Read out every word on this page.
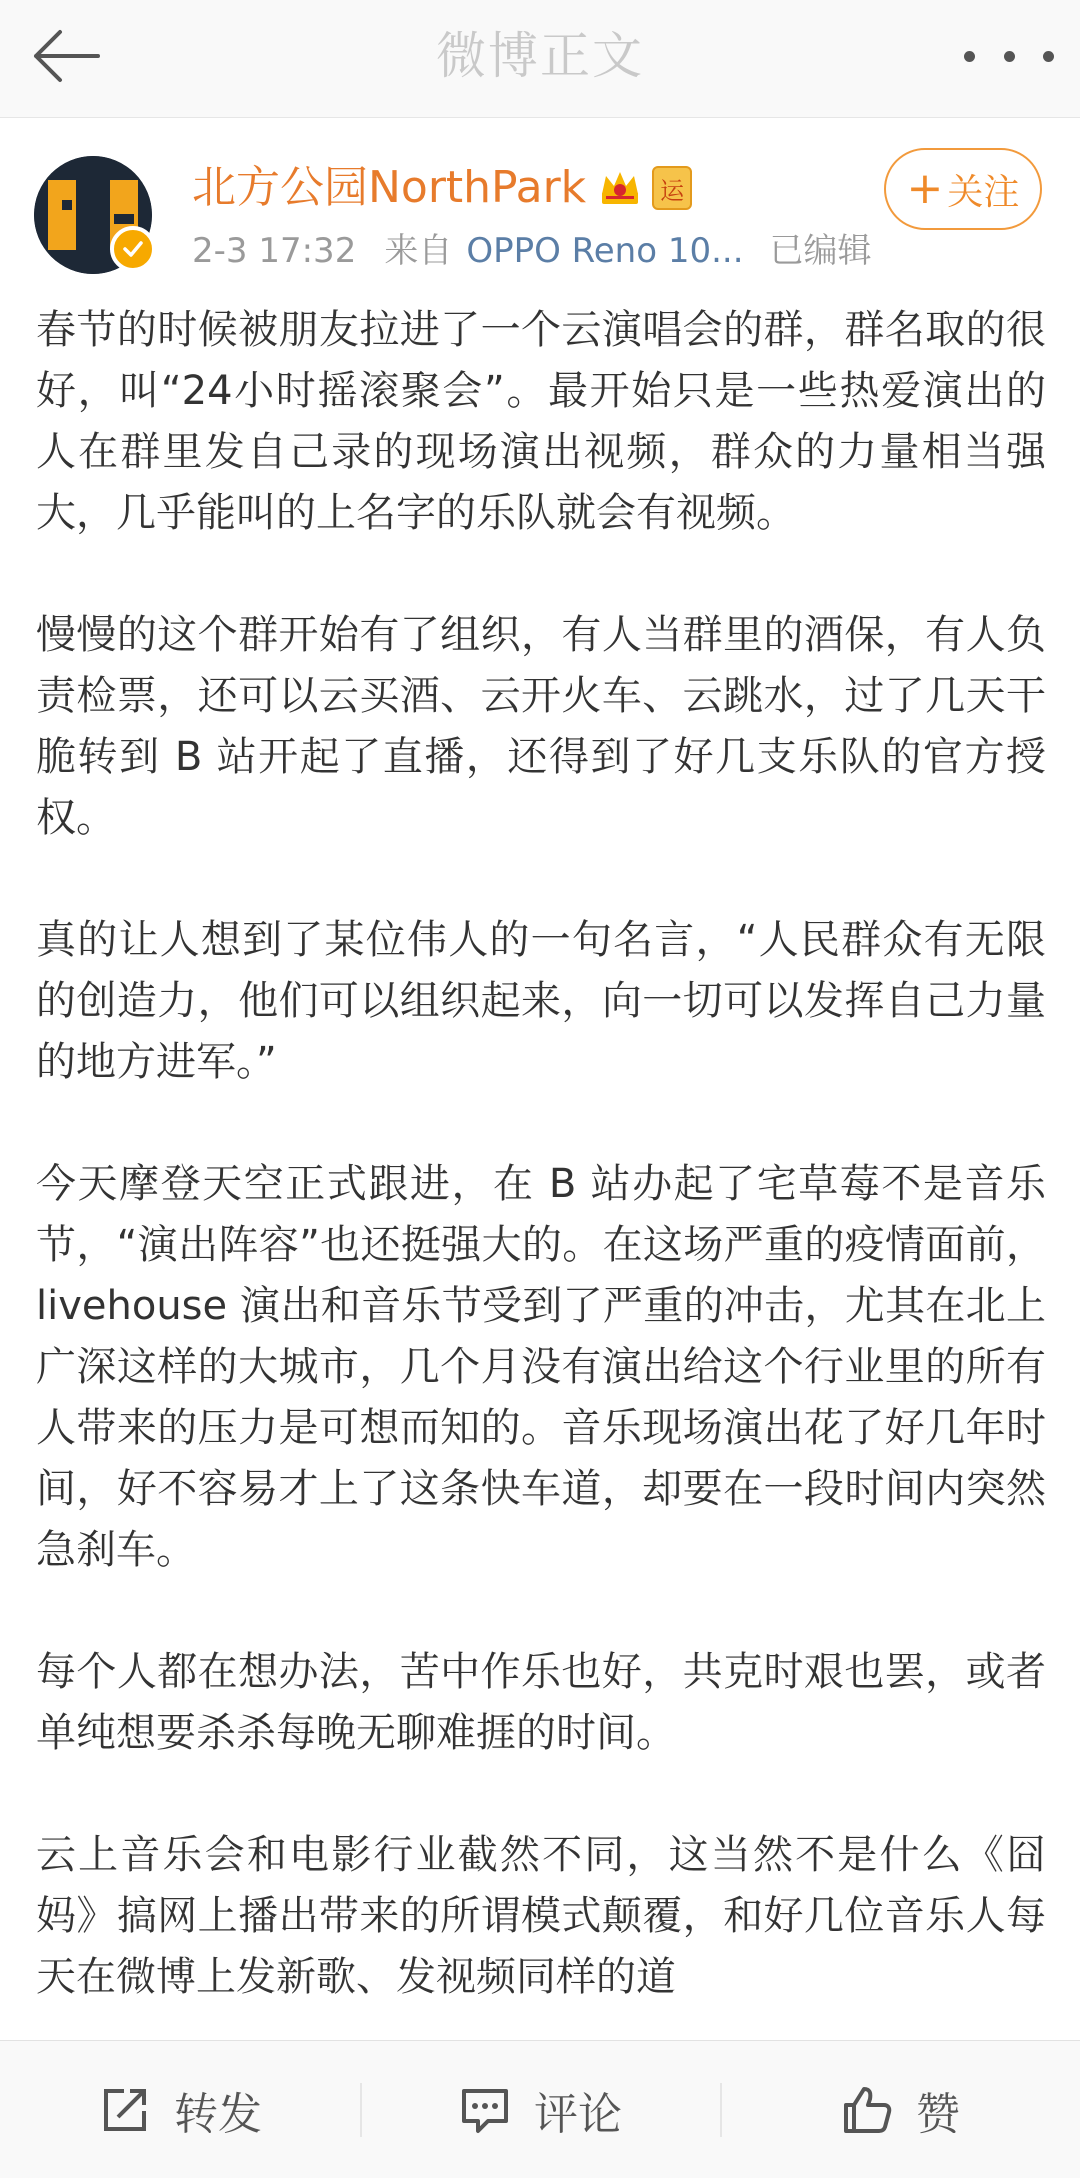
微博正文
北方公园NorthPark	运
2-3 17:32 来自 OPPO Reno 10... 已编辑
+ 关注

春节的时候被朋友拉进了一个云演唱会的群，群名取的很好，叫“24小时摇滚聚会”。最开始只是一些热爱演出的人在群里发自己录的现场演出视频，群众的力量相当强大，几乎能叫的上名字的乐队就会有视频。

慢慢的这个群开始有了组织，有人当群里的酒保，有人负责检票，还可以云买酒、云开火车、云跳水，过了几天干脆转到 B 站开起了直播，还得到了好几支乐队的官方授权。

真的让人想到了某位伟人的一句名言，“人民群众有无限的创造力，他们可以组织起来，向一切可以发挥自己力量的地方进军。”

今天摩登天空正式跟进，在 B 站办起了宅草莓不是音乐节，“演出阵容”也还挺强大的。在这场严重的疫情面前，livehouse 演出和音乐节受到了严重的冲击，尤其在北上广深这样的大城市，几个月没有演出给这个行业里的所有人带来的压力是可想而知的。音乐现场演出花了好几年时间，好不容易才上了这条快车道，却要在一段时间内突然急刹车。

每个人都在想办法，苦中作乐也好，共克时艰也罢，或者单纯想要杀杀每晚无聊难捱的时间。

云上音乐会和电影行业截然不同，这当然不是什么《囧妈》搞网上播出带来的所谓模式颠覆，和好几位音乐人每天在微博上发新歌、发视频同样的道

转发	评论	赞
